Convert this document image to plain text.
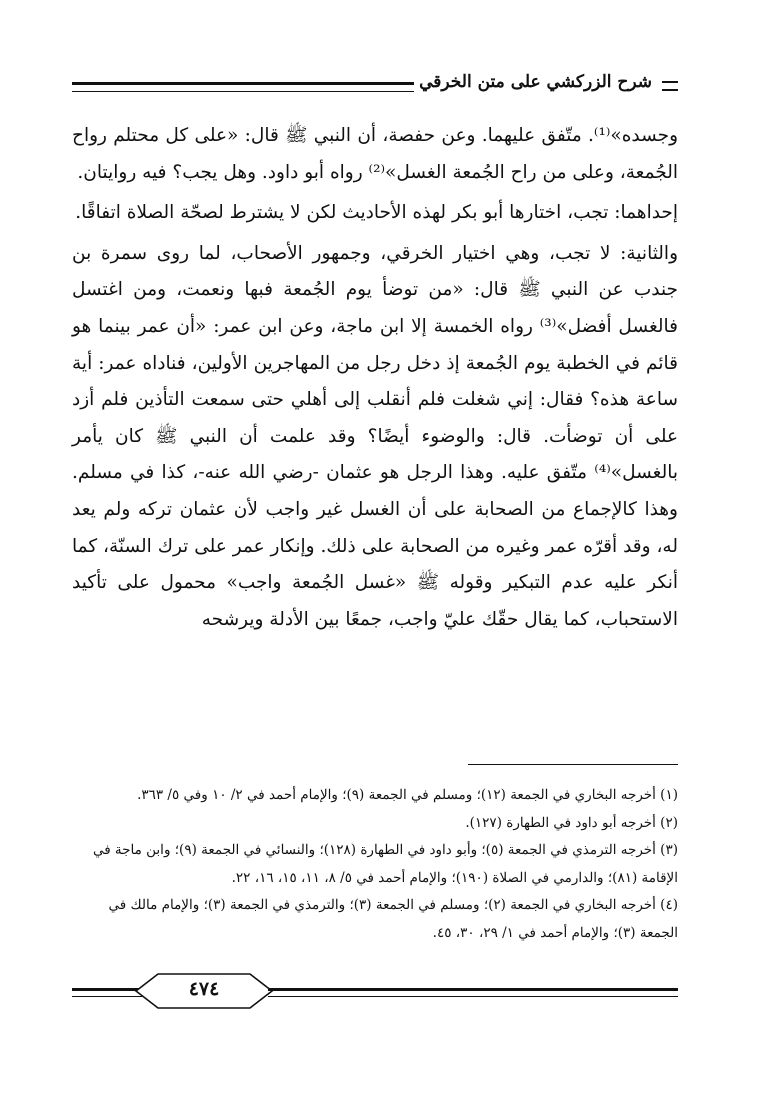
شرح الزركشي على متن الخرقي

وجسده»⁽¹⁾. متّفق عليهما. وعن حفصة، أن النبي ﷺ قال: «على كل محتلم رواح الجُمعة، وعلى من راح الجُمعة الغسل»⁽²⁾ رواه أبو داود. وهل يجب؟ فيه روايتان.

إحداهما: تجب، اختارها أبو بكر لهذه الأحاديث لكن لا يشترط لصحّة الصلاة اتفاقًا.

والثانية: لا تجب، وهي اختيار الخرقي، وجمهور الأصحاب، لما روى سمرة بن جندب عن النبي ﷺ قال: «من توضأ يوم الجُمعة فبها ونعمت، ومن اغتسل فالغسل أفضل»⁽³⁾ رواه الخمسة إلا ابن ماجة، وعن ابن عمر: «أن عمر بينما هو قائم في الخطبة يوم الجُمعة إذ دخل رجل من المهاجرين الأولين، فناداه عمر: أية ساعة هذه؟ فقال: إني شغلت فلم أنقلب إلى أهلي حتى سمعت التأذين فلم أزد على أن توضأت. قال: والوضوء أيضًا؟ وقد علمت أن النبي ﷺ كان يأمر بالغسل»⁽⁴⁾ متّفق عليه. وهذا الرجل هو عثمان -رضي الله عنه-، كذا في مسلم. وهذا كالإجماع من الصحابة على أن الغسل غير واجب لأن عثمان تركه ولم يعد له، وقد أقرّه عمر وغيره من الصحابة على ذلك. وإنكار عمر على ترك السنّة، كما أنكر عليه عدم التبكير وقوله ﷺ «غسل الجُمعة واجب» محمول على تأكيد الاستحباب، كما يقال حقّك عليّ واجب، جمعًا بين الأدلة ويرشحه

(١) أخرجه البخاري في الجمعة (١٢)؛ ومسلم في الجمعة (٩)؛ والإمام أحمد في ٢/ ١٠ وفي ٥/ ٣٦٣.
(٢) أخرجه أبو داود في الطهارة (١٢٧).
(٣) أخرجه الترمذي في الجمعة (٥)؛ وأبو داود في الطهارة (١٢٨)؛ والنسائي في الجمعة (٩)؛ وابن ماجة في الإقامة (٨١)؛ والدارمي في الصلاة (١٩٠)؛ والإمام أحمد في ٥/ ٨، ١١، ١٥، ١٦، ٢٢.
(٤) أخرجه البخاري في الجمعة (٢)؛ ومسلم في الجمعة (٣)؛ والترمذي في الجمعة (٣)؛ والإمام مالك في الجمعة (٣)؛ والإمام أحمد في ١/ ٢٩، ٣٠، ٤٥.
٤٧٤
